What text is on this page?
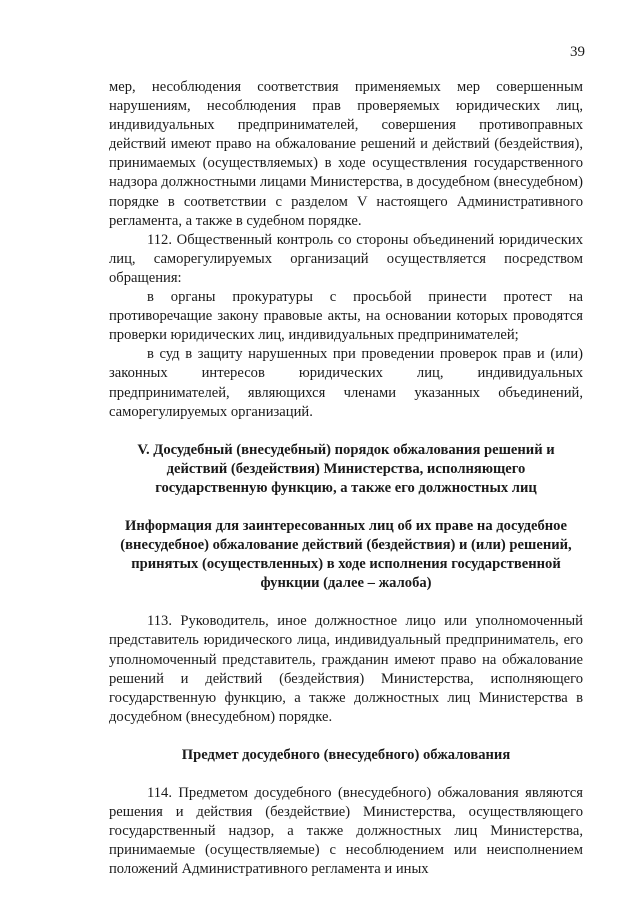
39

мер, несоблюдения соответствия применяемых мер совершенным нарушениям, несоблюдения прав проверяемых юридических лиц, индивидуальных предпринимателей, совершения противоправных действий имеют право на обжалование решений и действий (бездействия), принимаемых (осуществляемых) в ходе осуществления государственного надзора должностными лицами Министерства, в досудебном (внесудебном) порядке в соответствии с разделом V настоящего Административного регламента, а также в судебном порядке.

112. Общественный контроль со стороны объединений юридических лиц, саморегулируемых организаций осуществляется посредством обращения:

в органы прокуратуры с просьбой принести протест на противоречащие закону правовые акты, на основании которых проводятся проверки юридических лиц, индивидуальных предпринимателей;

в суд в защиту нарушенных при проведении проверок прав и (или) законных интересов юридических лиц, индивидуальных предпринимателей, являющихся членами указанных объединений, саморегулируемых организаций.

V. Досудебный (внесудебный) порядок обжалования решений и действий (бездействия) Министерства, исполняющего государственную функцию, а также его должностных лиц

Информация для заинтересованных лиц об их праве на досудебное (внесудебное) обжалование действий (бездействия) и (или) решений, принятых (осуществленных) в ходе исполнения государственной функции (далее – жалоба)

113. Руководитель, иное должностное лицо или уполномоченный представитель юридического лица, индивидуальный предприниматель, его уполномоченный представитель, гражданин имеют право на обжалование решений и действий (бездействия) Министерства, исполняющего государственную функцию, а также должностных лиц Министерства в досудебном (внесудебном) порядке.

Предмет досудебного (внесудебного) обжалования

114. Предметом досудебного (внесудебного) обжалования являются решения и действия (бездействие) Министерства, осуществляющего государственный надзор, а также должностных лиц Министерства, принимаемые (осуществляемые) с несоблюдением или неисполнением положений Административного регламента и иных
